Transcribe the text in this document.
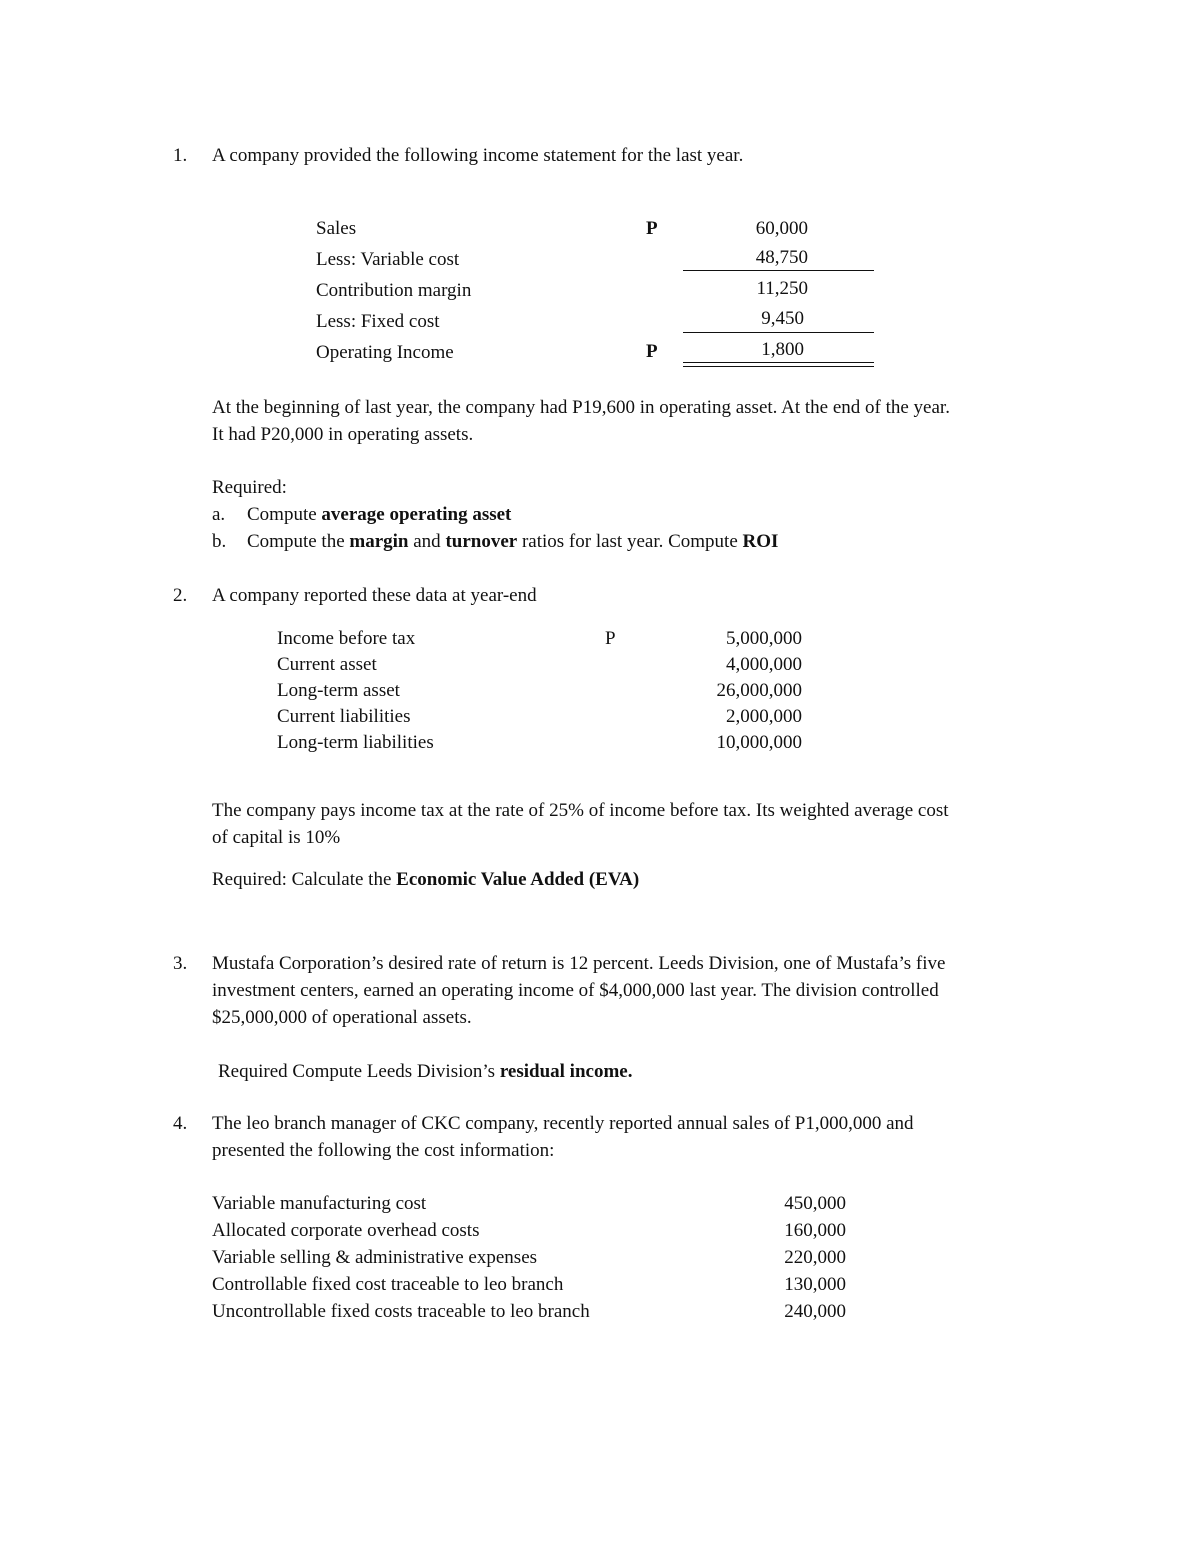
1. A company provided the following income statement for the last year.
Sales	P	60,000
Less: Variable cost	48,750
Contribution margin	11,250
Less: Fixed cost	9,450
Operating Income	P	1,800
At the beginning of last year, the company had P19,600 in operating asset. At the end of the year.
It had P20,000 in operating assets.
Required:
a. Compute average operating asset
b. Compute the margin and turnover ratios for last year. Compute ROI
2. A company reported these data at year-end
Income before tax	P	5,000,000
Current asset	4,000,000
Long-term asset	26,000,000
Current liabilities	2,000,000
Long-term liabilities	10,000,000
The company pays income tax at the rate of 25% of income before tax. Its weighted average cost
of capital is 10%
Required: Calculate the Economic Value Added (EVA)
3. Mustafa Corporation’s desired rate of return is 12 percent. Leeds Division, one of Mustafa’s five
investment centers, earned an operating income of $4,000,000 last year. The division controlled
$25,000,000 of operational assets.
Required Compute Leeds Division’s residual income.
4. The leo branch manager of CKC company, recently reported annual sales of P1,000,000 and
presented the following the cost information:
Variable manufacturing cost	450,000
Allocated corporate overhead costs	160,000
Variable selling & administrative expenses	220,000
Controllable fixed cost traceable to leo branch	130,000
Uncontrollable fixed costs traceable to leo branch	240,000
